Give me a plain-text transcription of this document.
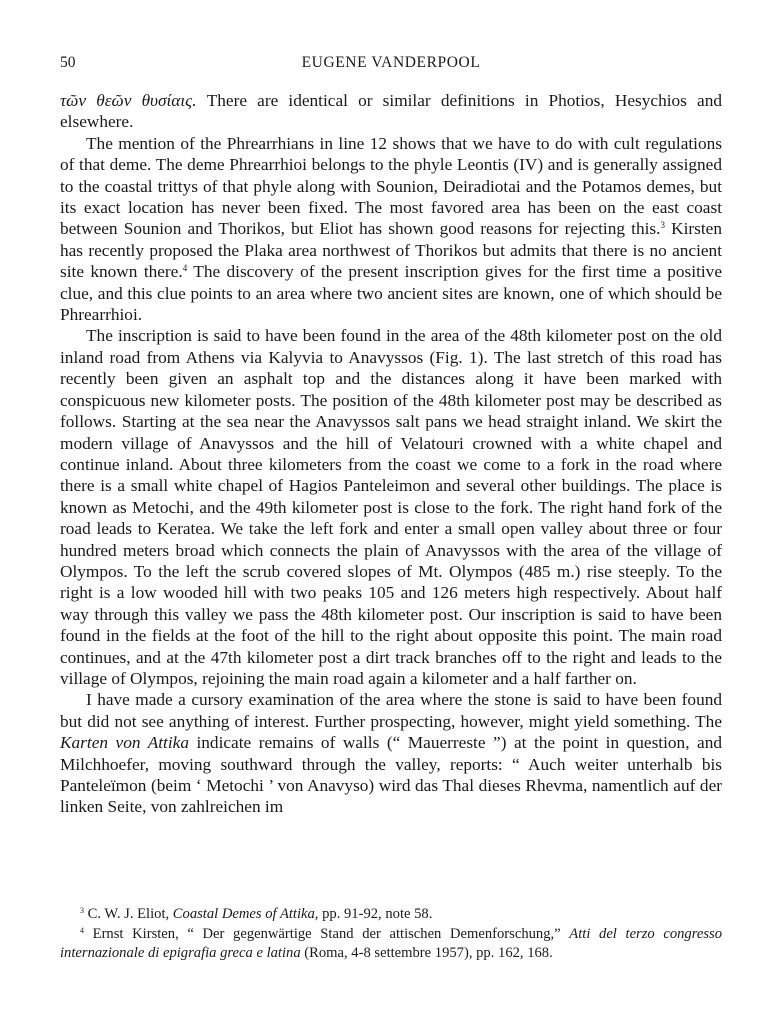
50	EUGENE VANDERPOOL

τῶν θεῶν θυσίαις. There are identical or similar definitions in Photios, Hesychios and elsewhere.

The mention of the Phrearrhians in line 12 shows that we have to do with cult regulations of that deme. The deme Phrearrhioi belongs to the phyle Leontis (IV) and is generally assigned to the coastal trittys of that phyle along with Sounion, Deiradiotai and the Potamos demes, but its exact location has never been fixed. The most favored area has been on the east coast between Sounion and Thorikos, but Eliot has shown good reasons for rejecting this.$^3$ Kirsten has recently proposed the Plaka area northwest of Thorikos but admits that there is no ancient site known there.$^4$ The discovery of the present inscription gives for the first time a positive clue, and this clue points to an area where two ancient sites are known, one of which should be Phrearrhioi.

The inscription is said to have been found in the area of the 48th kilometer post on the old inland road from Athens via Kalyvia to Anavyssos (Fig. 1). The last stretch of this road has recently been given an asphalt top and the distances along it have been marked with conspicuous new kilometer posts. The position of the 48th kilometer post may be described as follows. Starting at the sea near the Anavyssos salt pans we head straight inland. We skirt the modern village of Anavyssos and the hill of Velatouri crowned with a white chapel and continue inland. About three kilometers from the coast we come to a fork in the road where there is a small white chapel of Hagios Panteleimon and several other buildings. The place is known as Metochi, and the 49th kilometer post is close to the fork. The right hand fork of the road leads to Keratea. We take the left fork and enter a small open valley about three or four hundred meters broad which connects the plain of Anavyssos with the area of the village of Olympos. To the left the scrub covered slopes of Mt. Olympos (485 m.) rise steeply. To the right is a low wooded hill with two peaks 105 and 126 meters high respectively. About half way through this valley we pass the 48th kilometer post. Our inscription is said to have been found in the fields at the foot of the hill to the right about opposite this point. The main road continues, and at the 47th kilometer post a dirt track branches off to the right and leads to the village of Olympos, rejoining the main road again a kilometer and a half farther on.

I have made a cursory examination of the area where the stone is said to have been found but did not see anything of interest. Further prospecting, however, might yield something. The Karten von Attika indicate remains of walls (“ Mauerreste ”) at the point in question, and Milchhoefer, moving southward through the valley, reports: “ Auch weiter unterhalb bis Panteleïmon (beim ‘ Metochi ’ von Anavyso) wird das Thal dieses Rhevma, namentlich auf der linken Seite, von zahlreichen im

$^3$ C. W. J. Eliot, Coastal Demes of Attika, pp. 91-92, note 58.

$^4$ Ernst Kirsten, “ Der gegenwärtige Stand der attischen Demenforschung,” Atti del terzo congresso internazionale di epigrafia greca e latina (Roma, 4-8 settembre 1957), pp. 162, 168.
